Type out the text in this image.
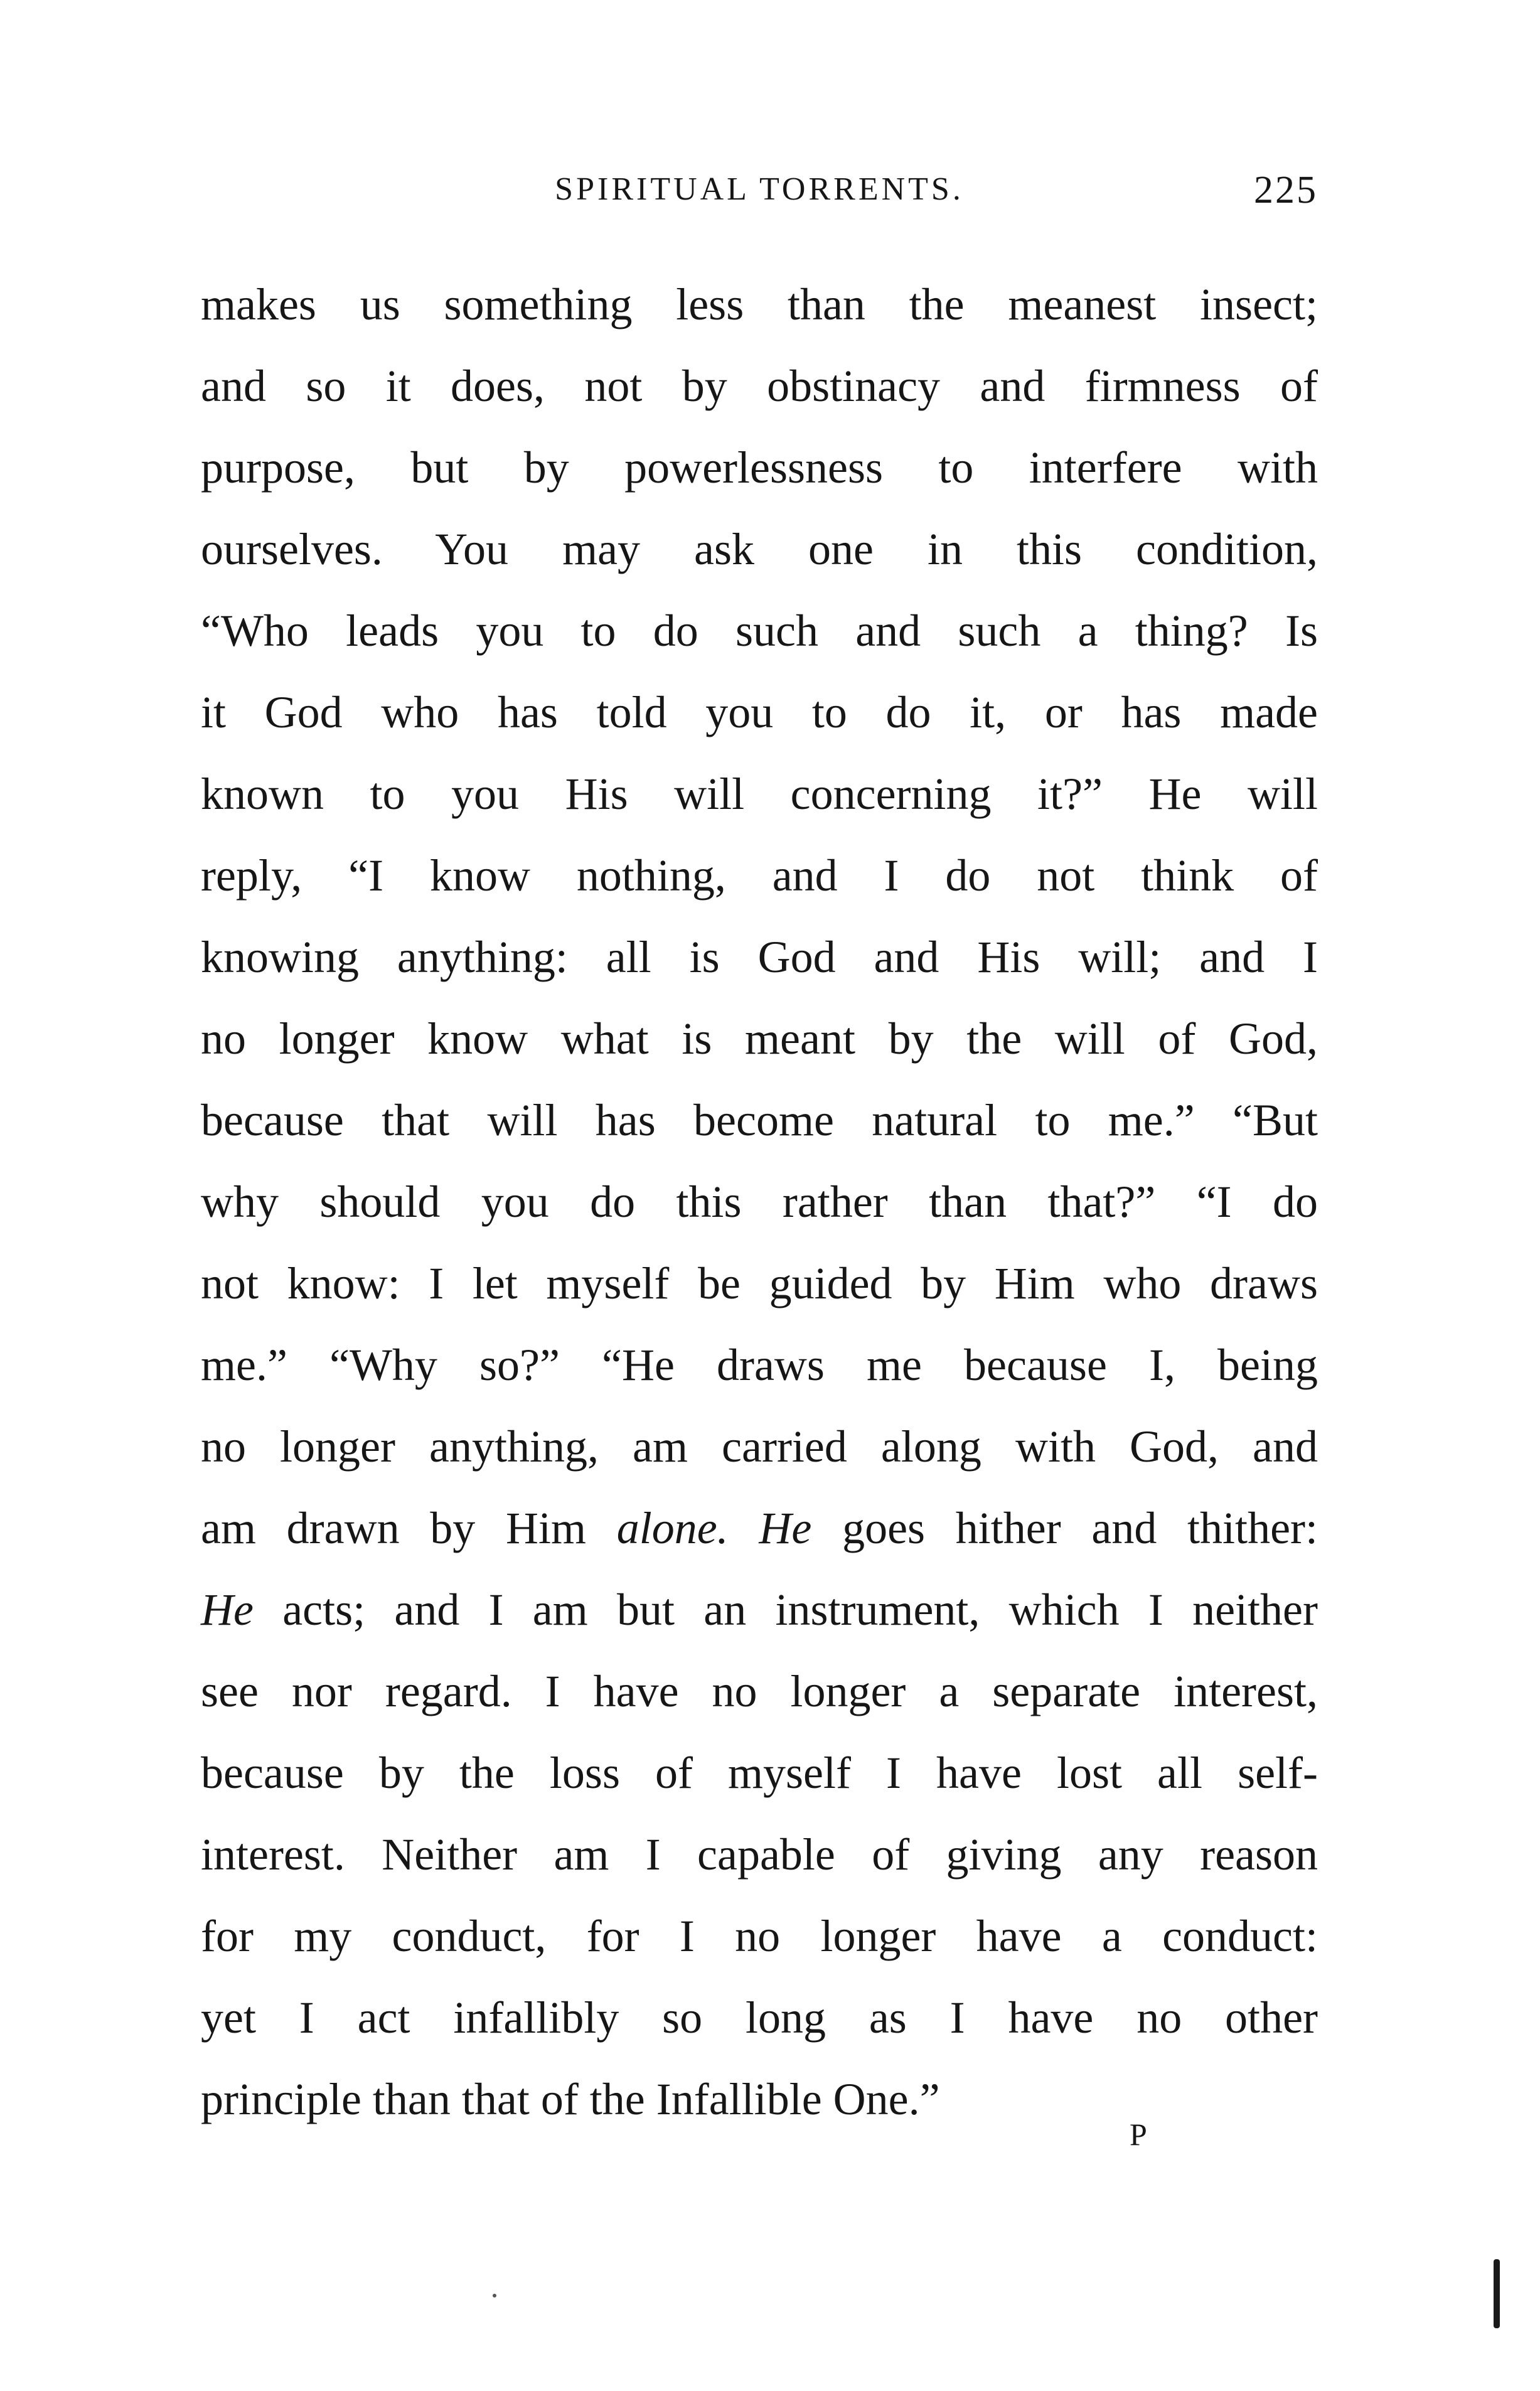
SPIRITUAL TORRENTS.	225
makes us something less than the meanest insect;
and so it does, not by obstinacy and firmness of
purpose, but by powerlessness to interfere with
ourselves. You may ask one in this condition,
“Who leads you to do such and such a thing? Is
it God who has told you to do it, or has made
known to you His will concerning it?” He will
reply, “I know nothing, and I do not think of
knowing anything: all is God and His will; and I
no longer know what is meant by the will of God,
because that will has become natural to me.” “But
why should you do this rather than that?” “I do
not know: I let myself be guided by Him who draws
me.” “Why so?” “He draws me because I, being
no longer anything, am carried along with God, and
am drawn by Him alone. He goes hither and thither:
He acts; and I am but an instrument, which I neither
see nor regard. I have no longer a separate interest,
because by the loss of myself I have lost all self-
interest. Neither am I capable of giving any reason
for my conduct, for I no longer have a conduct:
yet I act infallibly so long as I have no other
principle than that of the Infallible One.”
P
